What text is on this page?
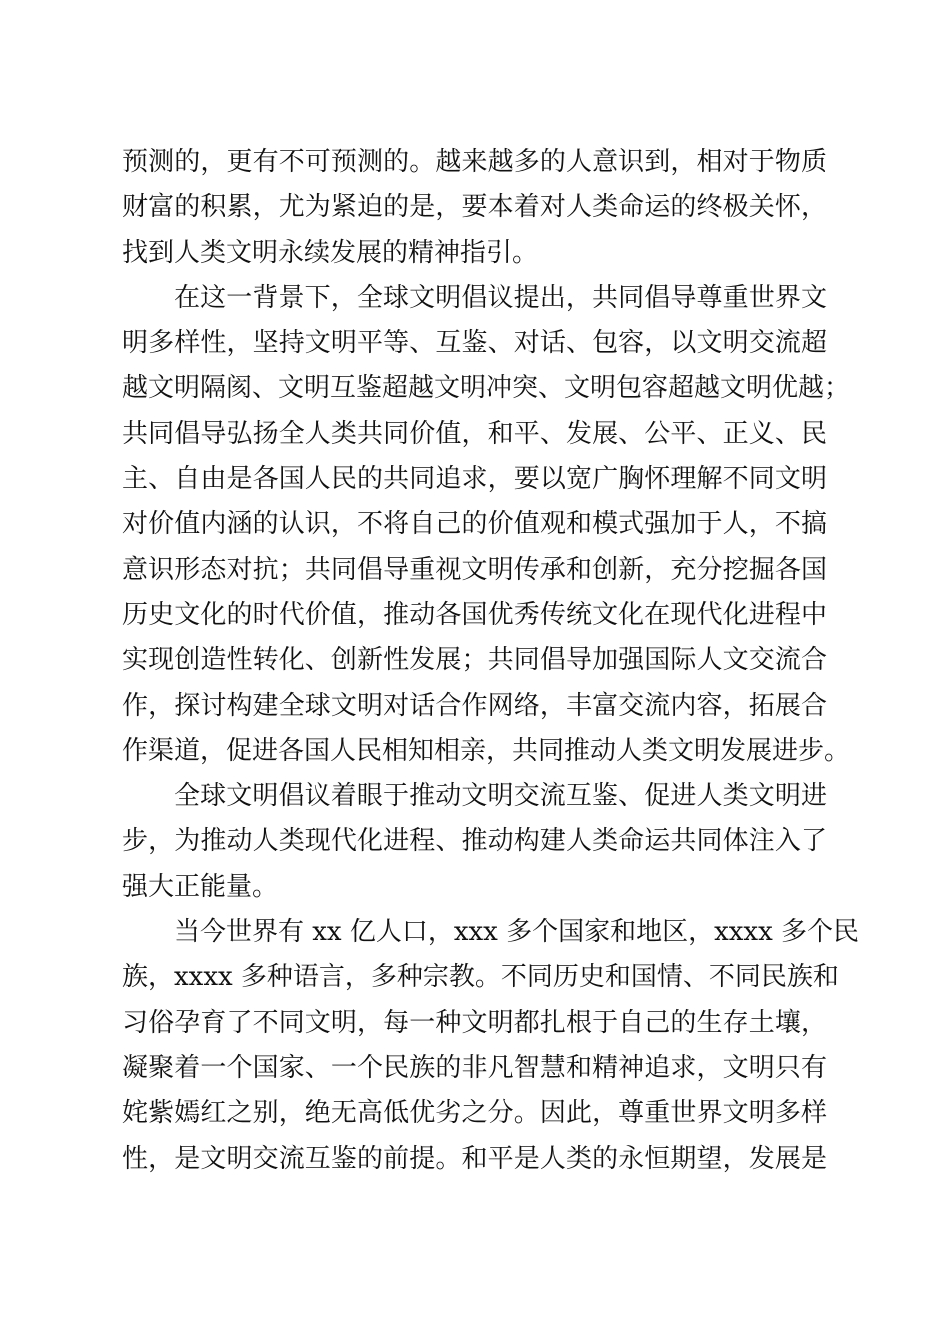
预测的，更有不可预测的。越来越多的人意识到，相对于物质
财富的积累，尤为紧迫的是，要本着对人类命运的终极关怀，
找到人类文明永续发展的精神指引。

在这一背景下，全球文明倡议提出，共同倡导尊重世界文
明多样性，坚持文明平等、互鉴、对话、包容，以文明交流超
越文明隔阂、文明互鉴超越文明冲突、文明包容超越文明优越；
共同倡导弘扬全人类共同价值，和平、发展、公平、正义、民
主、自由是各国人民的共同追求，要以宽广胸怀理解不同文明
对价值内涵的认识，不将自己的价值观和模式强加于人，不搞
意识形态对抗；共同倡导重视文明传承和创新，充分挖掘各国
历史文化的时代价值，推动各国优秀传统文化在现代化进程中
实现创造性转化、创新性发展；共同倡导加强国际人文交流合
作，探讨构建全球文明对话合作网络，丰富交流内容，拓展合
作渠道，促进各国人民相知相亲，共同推动人类文明发展进步。

全球文明倡议着眼于推动文明交流互鉴、促进人类文明进
步，为推动人类现代化进程、推动构建人类命运共同体注入了
强大正能量。

当今世界有 xx 亿人口，xxx 多个国家和地区，xxxx 多个民
族，xxxx 多种语言，多种宗教。不同历史和国情、不同民族和
习俗孕育了不同文明，每一种文明都扎根于自己的生存土壤，
凝聚着一个国家、一个民族的非凡智慧和精神追求，文明只有
姹紫嫣红之别，绝无高低优劣之分。因此，尊重世界文明多样
性，是文明交流互鉴的前提。和平是人类的永恒期望，发展是
